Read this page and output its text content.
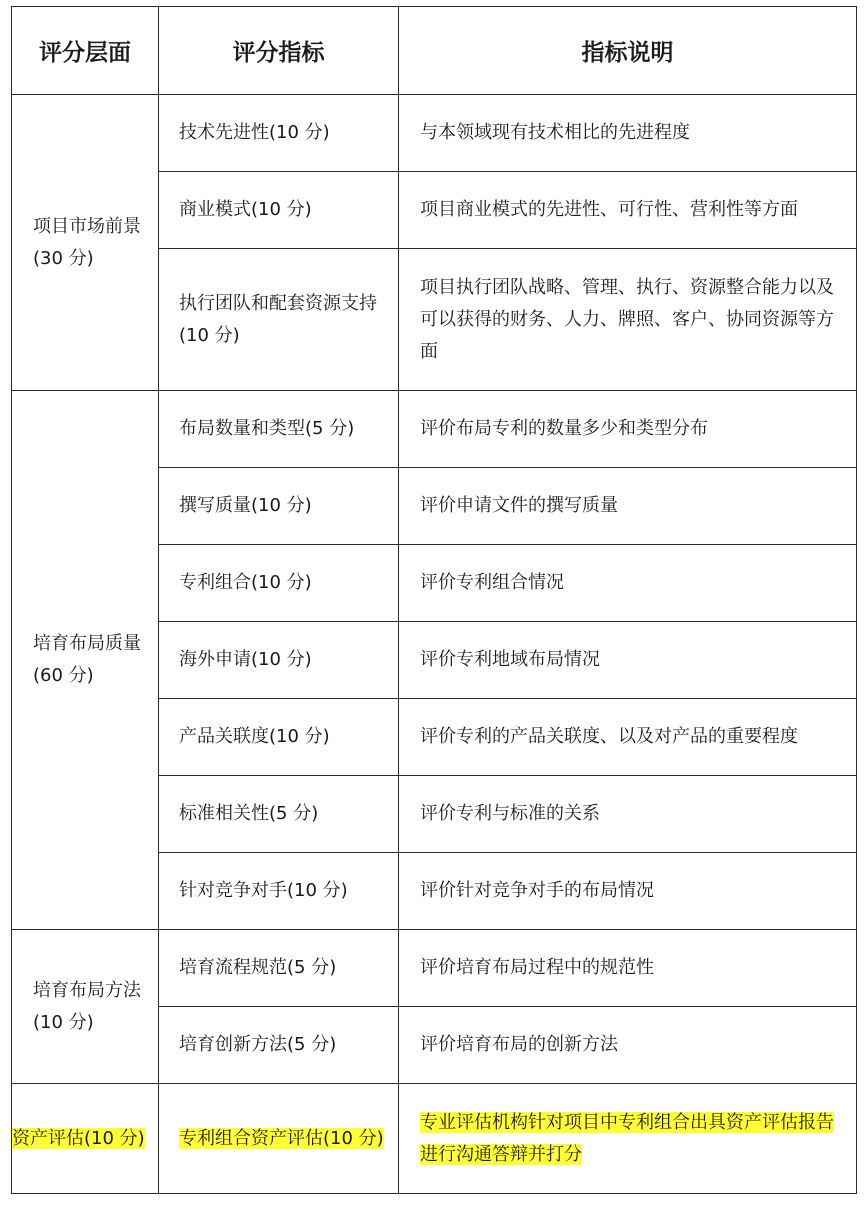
评分层面	评分指标	指标说明

项目市场前景(30 分)	技术先进性(10 分)	与本领域现有技术相比的先进程度

	商业模式(10 分)	项目商业模式的先进性、可行性、营利性等方面

	执行团队和配套资源支持(10 分)	项目执行团队战略、管理、执行、资源整合能力以及可以获得的财务、人力、牌照、客户、协同资源等方面

培育布局质量(60 分)	布局数量和类型(5 分)	评价布局专利的数量多少和类型分布

	撰写质量(10 分)	评价申请文件的撰写质量

	专利组合(10 分)	评价专利组合情况

	海外申请(10 分)	评价专利地域布局情况

	产品关联度(10 分)	评价专利的产品关联度、以及对产品的重要程度

	标准相关性(5 分)	评价专利与标准的关系

	针对竞争对手(10 分)	评价针对竞争对手的布局情况

培育布局方法(10 分)	培育流程规范(5 分)	评价培育布局过程中的规范性

	培育创新方法(5 分)	评价培育布局的创新方法

资产评估(10 分)	专利组合资产评估(10 分)	专业评估机构针对项目中专利组合出具资产评估报告进行沟通答辩并打分
